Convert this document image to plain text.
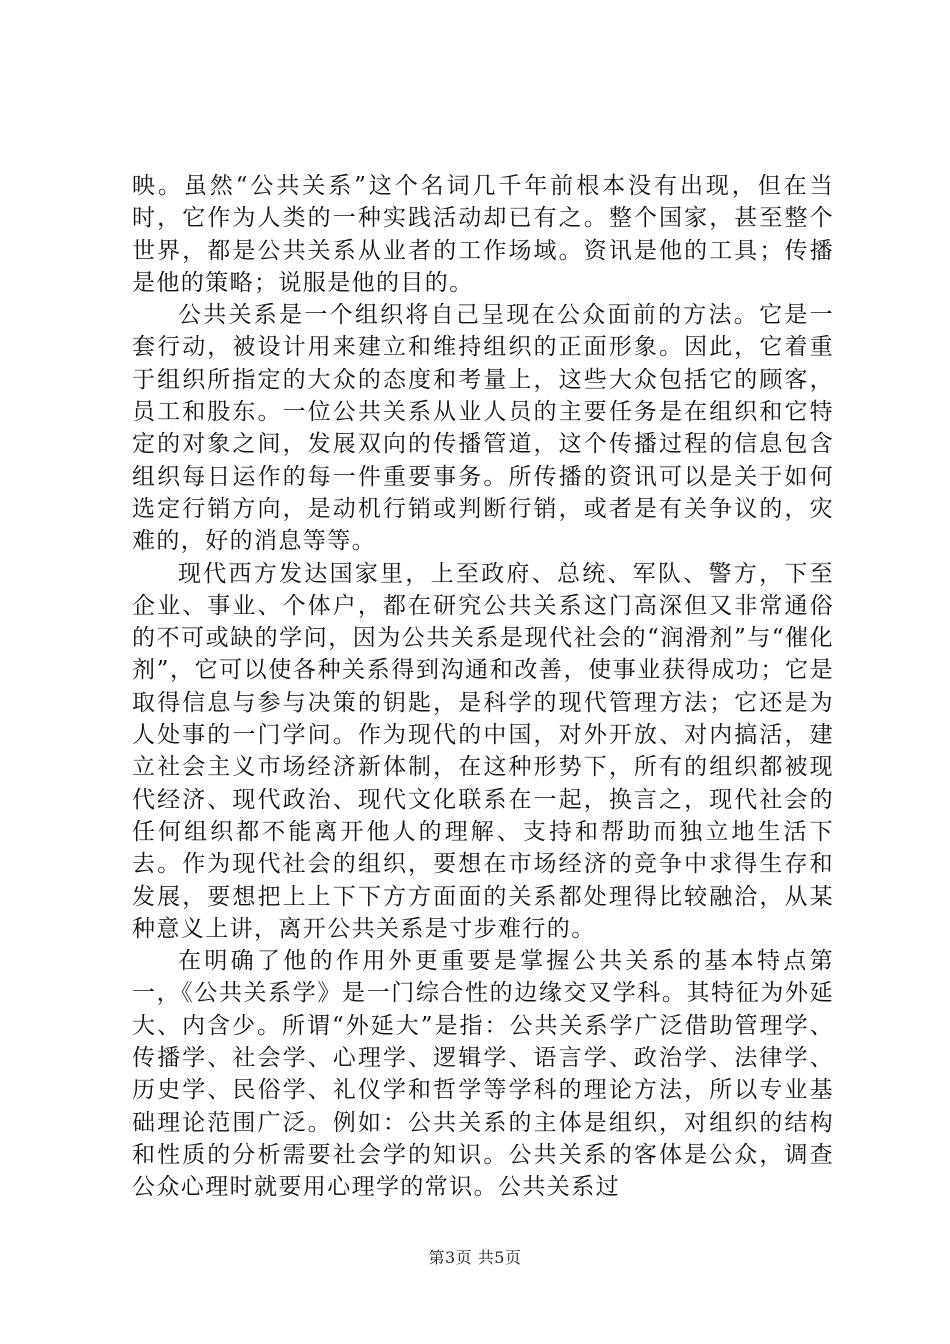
映。虽然“公共关系”这个名词几千年前根本没有出现，但在当时，它作为人类的一种实践活动却已有之。整个国家，甚至整个世界，都是公共关系从业者的工作场域。资讯是他的工具；传播是他的策略；说服是他的目的。

公共关系是一个组织将自己呈现在公众面前的方法。它是一套行动，被设计用来建立和维持组织的正面形象。因此，它着重于组织所指定的大众的态度和考量上，这些大众包括它的顾客，员工和股东。一位公共关系从业人员的主要任务是在组织和它特定的对象之间，发展双向的传播管道，这个传播过程的信息包含组织每日运作的每一件重要事务。所传播的资讯可以是关于如何选定行销方向，是动机行销或判断行销，或者是有关争议的，灾难的，好的消息等等。

现代西方发达国家里，上至政府、总统、军队、警方，下至企业、事业、个体户，都在研究公共关系这门高深但又非常通俗的不可或缺的学问，因为公共关系是现代社会的“润滑剂”与“催化剂”，它可以使各种关系得到沟通和改善，使事业获得成功；它是取得信息与参与决策的钥匙，是科学的现代管理方法；它还是为人处事的一门学问。作为现代的中国，对外开放、对内搞活，建立社会主义市场经济新体制，在这种形势下，所有的组织都被现代经济、现代政治、现代文化联系在一起，换言之，现代社会的任何组织都不能离开他人的理解、支持和帮助而独立地生活下去。作为现代社会的组织，要想在市场经济的竞争中求得生存和发展，要想把上上下下方方面面的关系都处理得比较融洽，从某种意义上讲，离开公共关系是寸步难行的。

在明确了他的作用外更重要是掌握公共关系的基本特点第一，《公共关系学》是一门综合性的边缘交叉学科。其特征为外延大、内含少。所谓“外延大”是指：公共关系学广泛借助管理学、传播学、社会学、心理学、逻辑学、语言学、政治学、法律学、历史学、民俗学、礼仪学和哲学等学科的理论方法，所以专业基础理论范围广泛。例如：公共关系的主体是组织，对组织的结构和性质的分析需要社会学的知识。公共关系的客体是公众，调查公众心理时就要用心理学的常识。公共关系过

第3页 共5页
